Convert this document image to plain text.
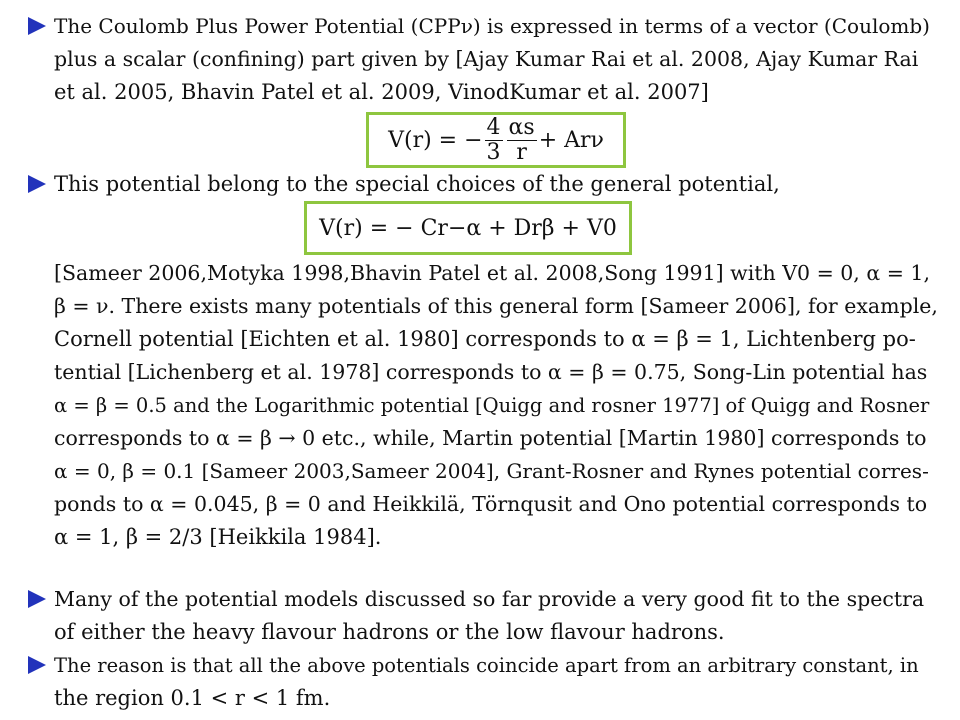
The Coulomb Plus Power Potential (CPPν) is expressed in terms of a vector (Coulomb)
plus a scalar (confining) part given by [Ajay Kumar Rai et al. 2008, Ajay Kumar Rai
et al. 2005, Bhavin Patel et al. 2009, VinodKumar et al. 2007]
V(r) = − $\frac{4}{3} \frac{\alpha s}{r} + Ar\nu$
This potential belong to the special choices of the general potential,
V(r) = − Cr−α + Drβ + V0
[Sameer 2006,Motyka 1998,Bhavin Patel et al. 2008,Song 1991] with V0 = 0, α = 1,
β = ν. There exists many potentials of this general form [Sameer 2006], for example,
Cornell potential [Eichten et al. 1980] corresponds to α = β = 1, Lichtenberg po-
tential [Lichenberg et al. 1978] corresponds to α = β = 0.75, Song-Lin potential has
α = β = 0.5 and the Logarithmic potential [Quigg and rosner 1977] of Quigg and Rosner
corresponds to α = β → 0 etc., while, Martin potential [Martin 1980] corresponds to
α = 0, β = 0.1 [Sameer 2003,Sameer 2004], Grant-Rosner and Rynes potential corres-
ponds to α = 0.045, β = 0 and Heikkilä, Törnqusit and Ono potential corresponds to
α = 1, β = 2/3 [Heikkila 1984].
Many of the potential models discussed so far provide a very good fit to the spectra
of either the heavy flavour hadrons or the low flavour hadrons.
The reason is that all the above potentials coincide apart from an arbitrary constant, in
the region 0.1 < r < 1 fm.
